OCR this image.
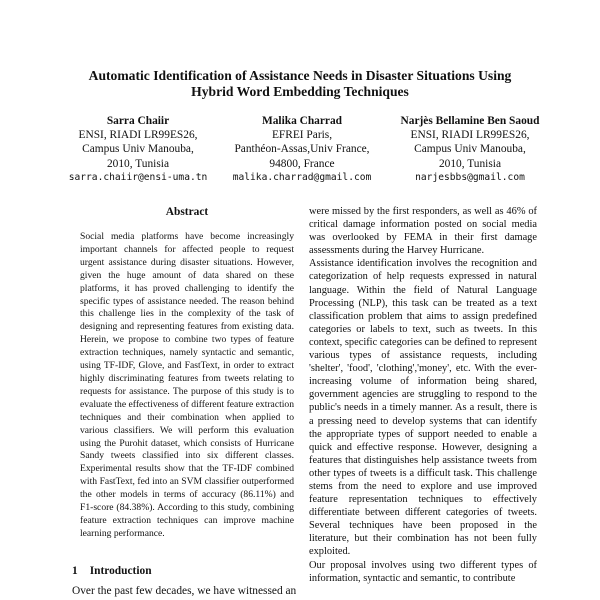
Automatic Identification of Assistance Needs in Disaster Situations Using
Hybrid Word Embedding Techniques
Sarra Chaiir
ENSI, RIADI LR99ES26,
Campus Univ Manouba,
2010, Tunisia
sarra.chaiir@ensi-uma.tn
Malika Charrad
EFREI Paris,
Panthéon-Assas,Univ France,
94800, France
malika.charrad@gmail.com
Narjès Bellamine Ben Saoud
ENSI, RIADI LR99ES26,
Campus Univ Manouba,
2010, Tunisia
narjesbbs@gmail.com
Abstract
Social media platforms have become increasingly important channels for affected people to request urgent assistance during disaster situations. However, given the huge amount of data shared on these platforms, it has proved challenging to identify the specific types of assistance needed. The reason behind this challenge lies in the complexity of the task of designing and representing features from existing data. Herein, we propose to combine two types of feature extraction techniques, namely syntactic and semantic, using TF-IDF, Glove, and FastText, in order to extract highly discriminating features from tweets relating to requests for assistance. The purpose of this study is to evaluate the effectiveness of different feature extraction techniques and their combination when applied to various classifiers. We will perform this evaluation using the Purohit dataset, which consists of Hurricane Sandy tweets classified into six different classes. Experimental results show that the TF-IDF combined with FastText, fed into an SVM classifier outperformed the other models in terms of accuracy (86.11%) and F1-score (84.38%). According to this study, combining feature extraction techniques can improve machine learning performance.
1 Introduction
Over the past few decades, we have witnessed an

were missed by the first responders, as well as 46% of critical damage information posted on social media was overlooked by FEMA in their first damage assessments during the Harvey Hurricane.

Assistance identification involves the recognition and categorization of help requests expressed in natural language. Within the field of Natural Language Processing (NLP), this task can be treated as a text classification problem that aims to assign predefined categories or labels to text, such as tweets. In this context, specific categories can be defined to represent various types of assistance requests, including 'shelter', 'food', 'clothing','money', etc. With the ever-increasing volume of information being shared, government agencies are struggling to respond to the public's needs in a timely manner. As a result, there is a pressing need to develop systems that can identify the appropriate types of support needed to enable a quick and effective response. However, designing a features that distinguishes help assistance tweets from other types of tweets is a difficult task. This challenge stems from the need to explore and use improved feature representation techniques to effectively differentiate between different categories of tweets. Several techniques have been proposed in the literature, but their combination has not been fully exploited.

Our proposal involves using two different types of information, syntactic and semantic, to contribute
